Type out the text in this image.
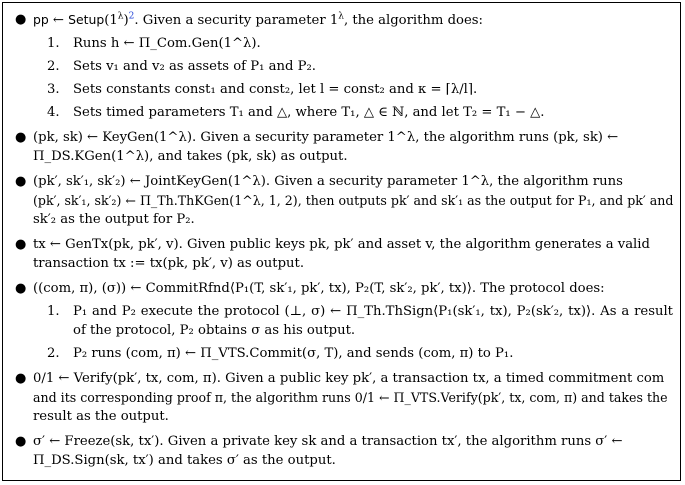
● pp ← $Setup(1^\lambda)^2$. Given a security parameter $1^\lambda$, the algorithm does:
1. Runs h ← Π_Com.Gen(1^λ).
2. Sets v₁ and v₂ as assets of P₁ and P₂.
3. Sets constants const₁ and const₂, let l = const₂ and κ = ⌈λ/l⌉.
4. Sets timed parameters T₁ and △, where T₁, △ ∈ ℕ, and let T₂ = T₁ − △.
● (pk, sk) ← KeyGen(1^λ). Given a security parameter 1^λ, the algorithm runs (pk, sk) ←
Π_DS.KGen(1^λ), and takes (pk, sk) as output.
● (pk′, sk′₁, sk′₂) ← JointKeyGen(1^λ). Given a security parameter 1^λ, the algorithm runs
(pk′, sk′₁, sk′₂) ← Π_Th.ThKGen(1^λ, 1, 2), then outputs pk′ and sk′₁ as the output for P₁, and pk′ and
sk′₂ as the output for P₂.
● tx ← GenTx(pk, pk′, v). Given public keys pk, pk′ and asset v, the algorithm generates a valid
transaction tx := tx(pk, pk′, v) as output.
● ((com, π), (σ)) ← CommitRfnd⟨P₁(T, sk′₁, pk′, tx), P₂(T, sk′₂, pk′, tx)⟩. The protocol does:
1. P₁ and P₂ execute the protocol (⊥, σ) ← Π_Th.ThSign⟨P₁(sk′₁, tx), P₂(sk′₂, tx)⟩. As a result of the protocol, P₂ obtains σ as his output.
2. P₂ runs (com, π) ← Π_VTS.Commit(σ, T), and sends (com, π) to P₁.
● 0/1 ← Verify(pk′, tx, com, π). Given a public key pk′, a transaction tx, a timed commitment com
and its corresponding proof π, the algorithm runs 0/1 ← Π_VTS.Verify(pk′, tx, com, π) and takes the
result as the output.
● σ′ ← Freeze(sk, tx′). Given a private key sk and a transaction tx′, the algorithm runs σ′ ←
Π_DS.Sign(sk, tx′) and takes σ′ as the output.
